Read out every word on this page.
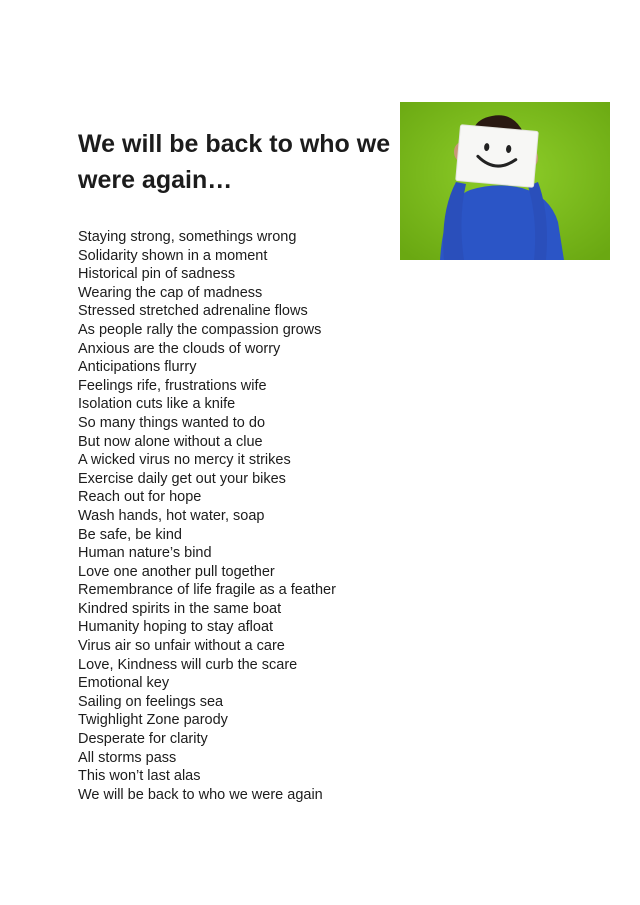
We will be back to who we were again…
Staying strong, somethings wrong
Solidarity shown in a moment
Historical pin of sadness
Wearing the cap of madness
Stressed stretched adrenaline flows
As people rally the compassion grows
Anxious are the clouds of worry
Anticipations flurry
Feelings rife, frustrations wife
Isolation cuts like a knife
So many things wanted to do
But now alone without a clue
A wicked virus no mercy it strikes
Exercise daily get out your bikes
Reach out for hope
Wash hands, hot water, soap
Be safe, be kind
Human nature’s bind
Love one another pull together
Remembrance of life fragile as a feather
Kindred spirits in the same boat
Humanity hoping to stay afloat
Virus air so unfair without a care
Love, Kindness will curb the scare
Emotional key
Sailing on feelings sea
Twighlight Zone parody
Desperate for clarity
All storms pass
This won’t last alas
We will be back to who we were again
